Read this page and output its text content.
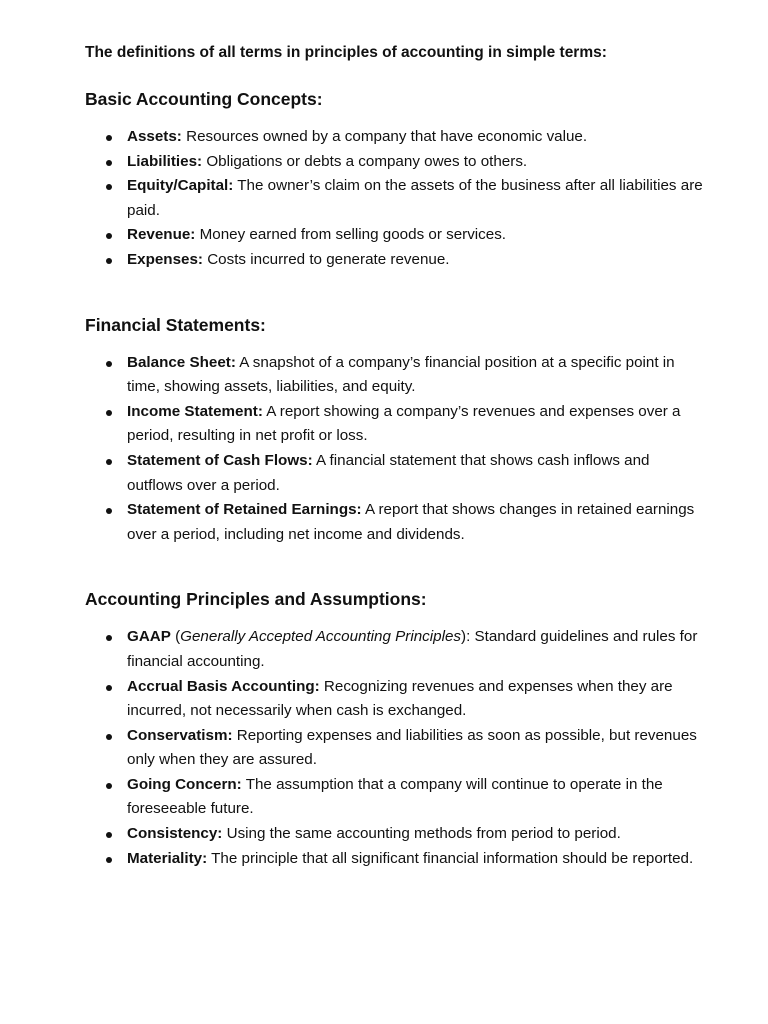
The definitions of all terms in principles of accounting in simple terms:

Basic Accounting Concepts:
Assets: Resources owned by a company that have economic value.
Liabilities: Obligations or debts a company owes to others.
Equity/Capital: The owner’s claim on the assets of the business after all liabilities are paid.
Revenue: Money earned from selling goods or services.
Expenses: Costs incurred to generate revenue.
Financial Statements:
Balance Sheet: A snapshot of a company’s financial position at a specific point in time, showing assets, liabilities, and equity.
Income Statement: A report showing a company’s revenues and expenses over a period, resulting in net profit or loss.
Statement of Cash Flows: A financial statement that shows cash inflows and outflows over a period.
Statement of Retained Earnings: A report that shows changes in retained earnings over a period, including net income and dividends.
Accounting Principles and Assumptions:
GAAP (Generally Accepted Accounting Principles): Standard guidelines and rules for financial accounting.
Accrual Basis Accounting: Recognizing revenues and expenses when they are incurred, not necessarily when cash is exchanged.
Conservatism: Reporting expenses and liabilities as soon as possible, but revenues only when they are assured.
Going Concern: The assumption that a company will continue to operate in the foreseeable future.
Consistency: Using the same accounting methods from period to period.
Materiality: The principle that all significant financial information should be reported.
